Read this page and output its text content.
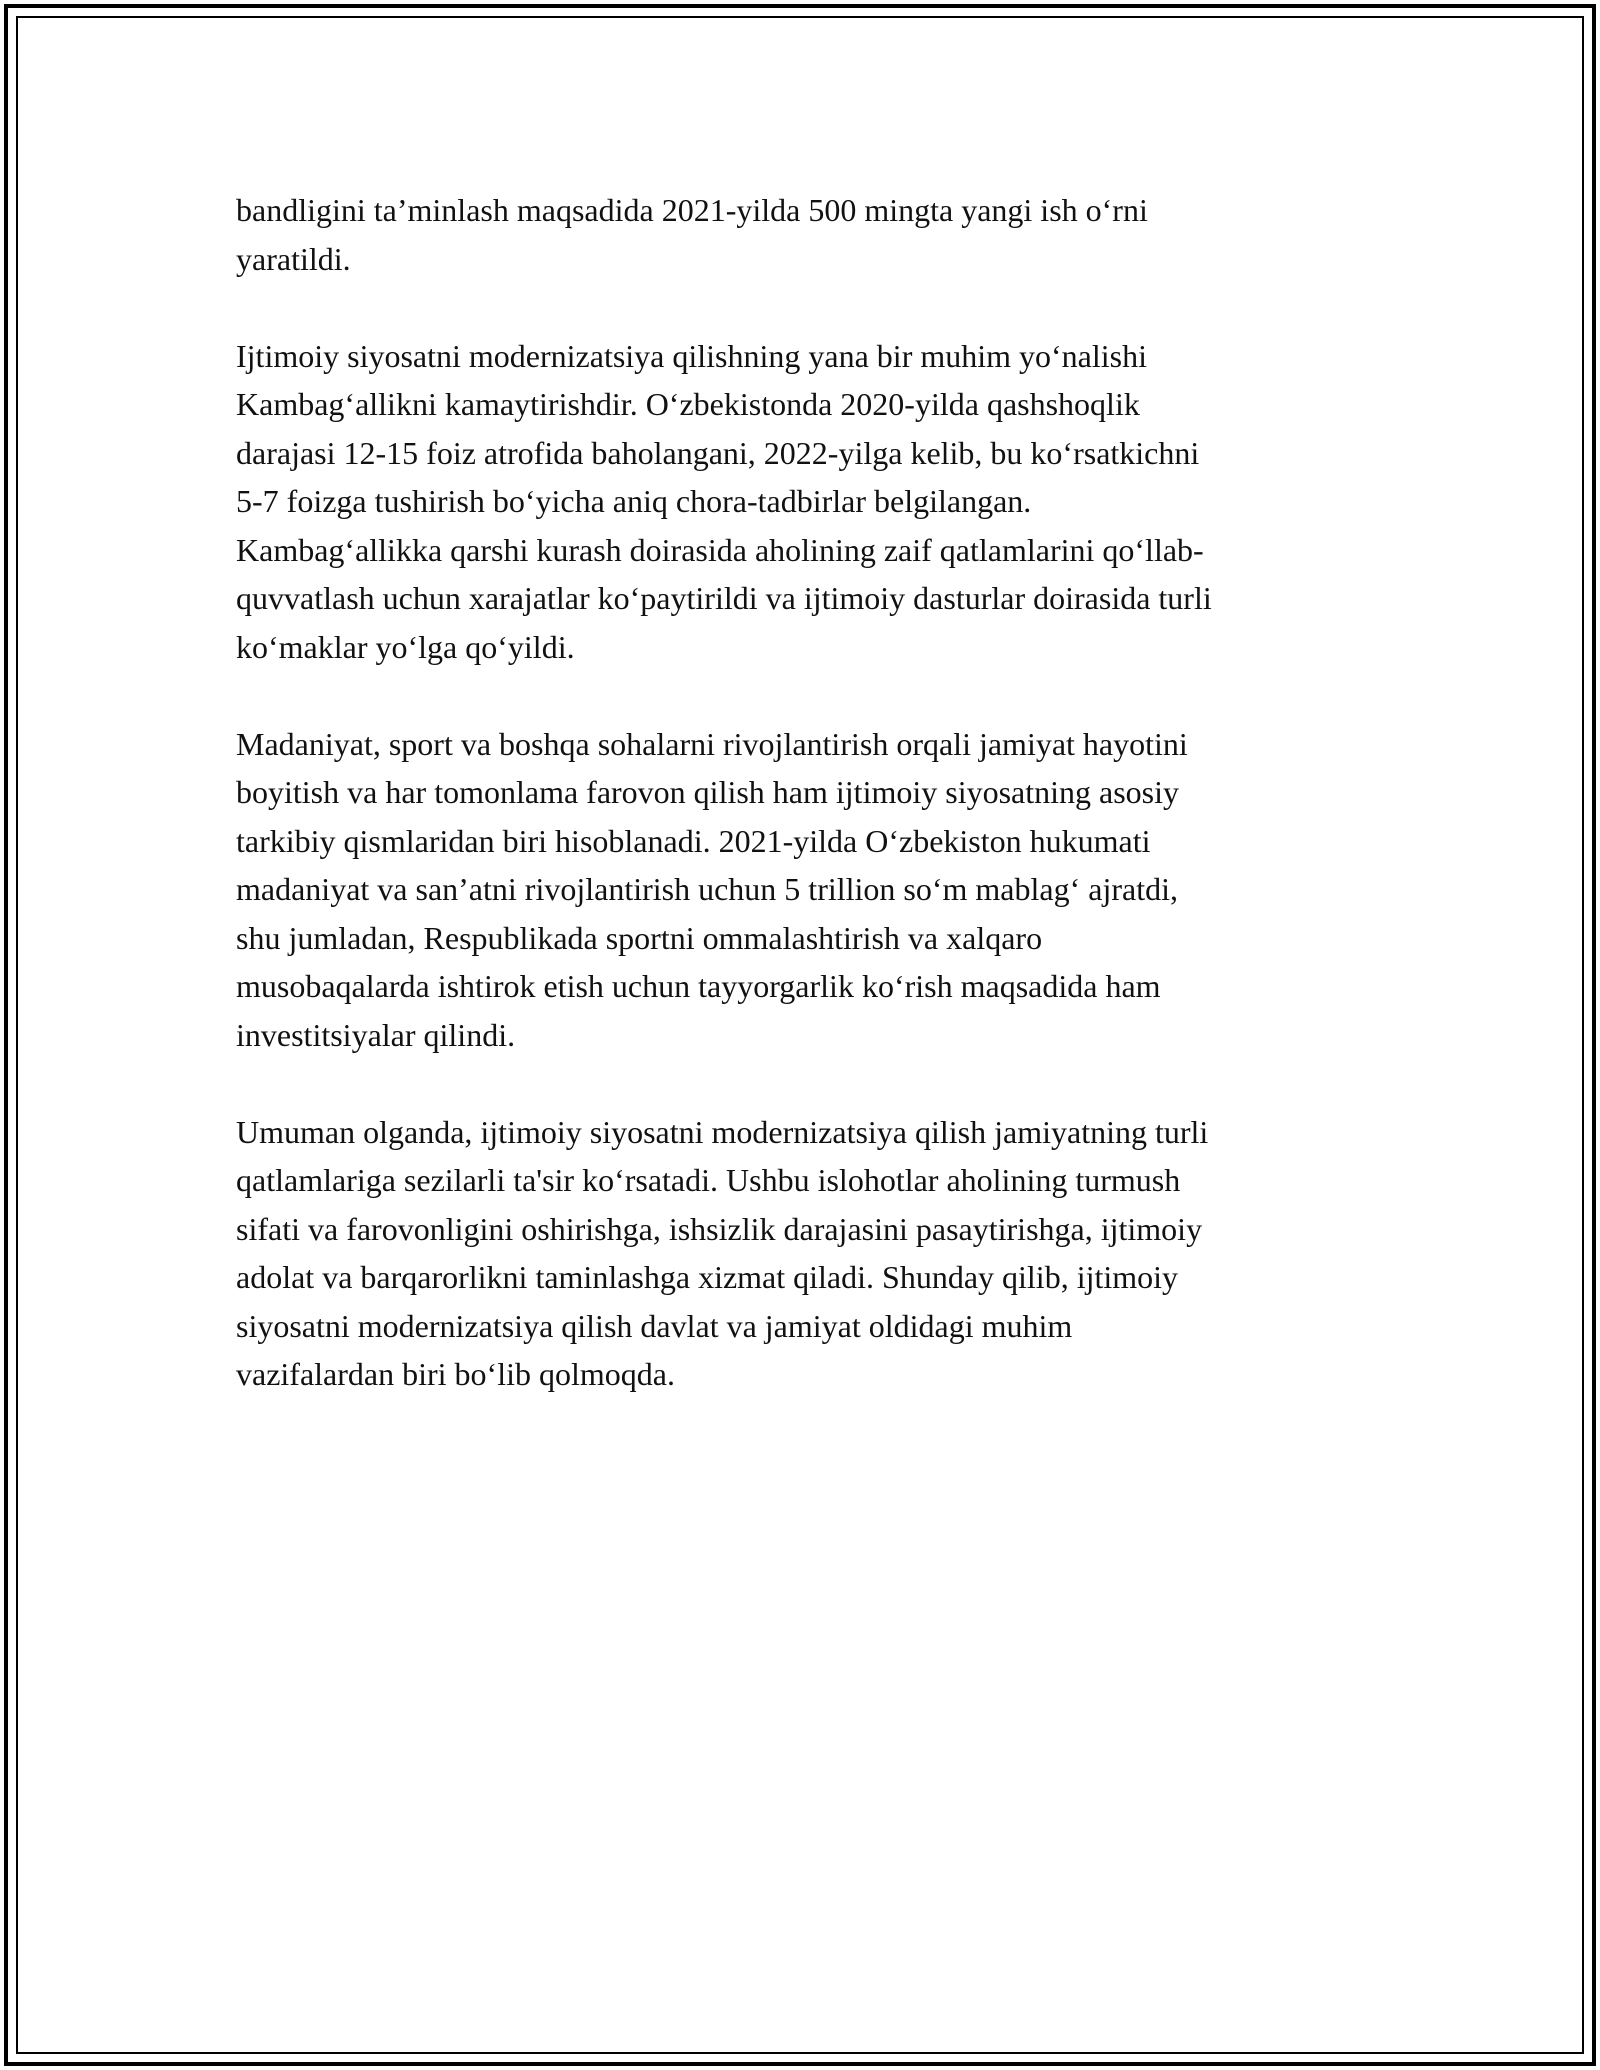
bandligini ta’minlash maqsadida 2021-yilda 500 mingta yangi ish o‘rni
yaratildi.

Ijtimoiy siyosatni modernizatsiya qilishning yana bir muhim yo‘nalishi
Kambag‘allikni kamaytirishdir. O‘zbekistonda 2020-yilda qashshoqlik
darajasi 12-15 foiz atrofida baholangani, 2022-yilga kelib, bu ko‘rsatkichni
5-7 foizga tushirish bo‘yicha aniq chora-tadbirlar belgilangan.
Kambag‘allikka qarshi kurash doirasida aholining zaif qatlamlarini qo‘llab-
quvvatlash uchun xarajatlar ko‘paytirildi va ijtimoiy dasturlar doirasida turli
ko‘maklar yo‘lga qo‘yildi.

Madaniyat, sport va boshqa sohalarni rivojlantirish orqali jamiyat hayotini
boyitish va har tomonlama farovon qilish ham ijtimoiy siyosatning asosiy
tarkibiy qismlaridan biri hisoblanadi. 2021-yilda O‘zbekiston hukumati
madaniyat va san’atni rivojlantirish uchun 5 trillion so‘m mablag‘ ajratdi,
shu jumladan, Respublikada sportni ommalashtirish va xalqaro
musobaqalarda ishtirok etish uchun tayyorgarlik ko‘rish maqsadida ham
investitsiyalar qilindi.

Umuman olganda, ijtimoiy siyosatni modernizatsiya qilish jamiyatning turli
qatlamlariga sezilarli ta'sir ko‘rsatadi. Ushbu islohotlar aholining turmush
sifati va farovonligini oshirishga, ishsizlik darajasini pasaytirishga, ijtimoiy
adolat va barqarorlikni taminlashga xizmat qiladi. Shunday qilib, ijtimoiy
siyosatni modernizatsiya qilish davlat va jamiyat oldidagi muhim
vazifalardan biri bo‘lib qolmoqda.
